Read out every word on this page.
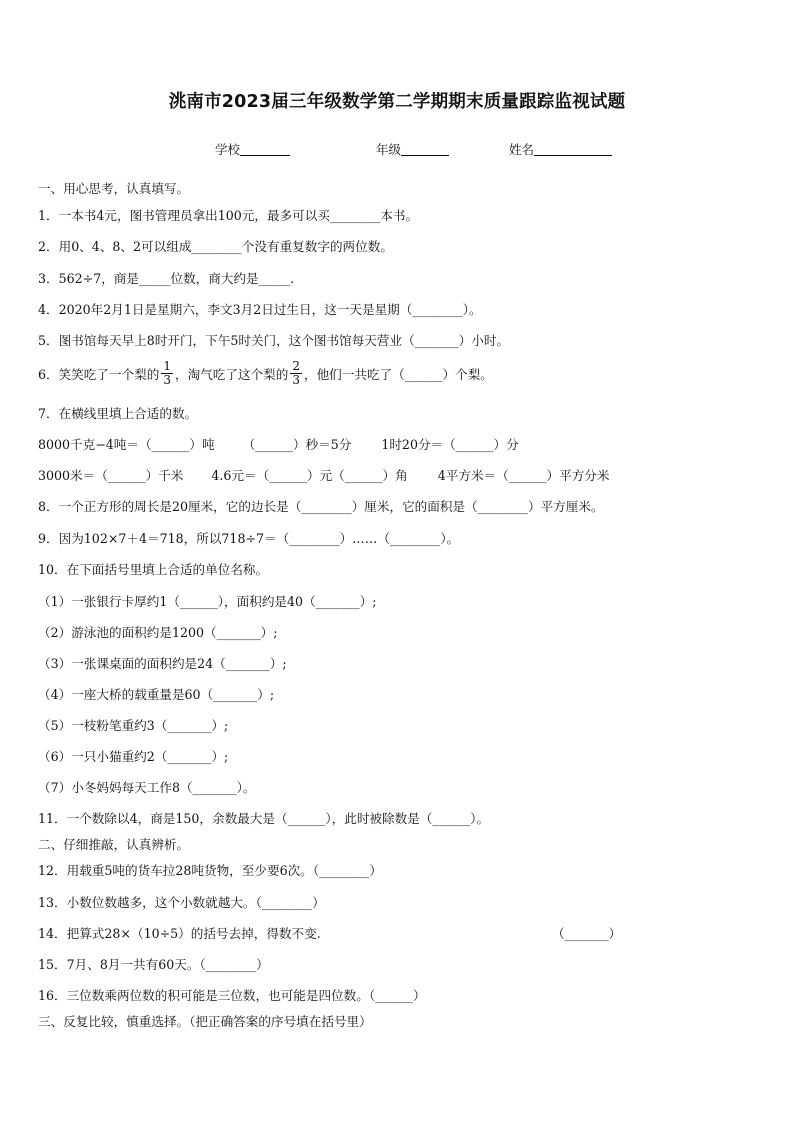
洮南市2023届三年级数学第二学期期末质量跟踪监视试题
学校	年级	姓名
一、用心思考，认真填写。
1．一本书4元，图书管理员拿出100元，最多可以买________本书。
2．用0、4、8、2可以组成________个没有重复数字的两位数。
3．562÷7，商是_____位数，商大约是_____.
4．2020年2月1日是星期六，李文3月2日过生日，这一天是星期（________）。
5．图书馆每天早上8时开门，下午5时关门，这个图书馆每天营业（_______）小时。
6．笑笑吃了一个梨的 $\frac{1}{3}$ ，淘气吃了这个梨的 $\frac{2}{3}$ ，他们一共吃了（______）个梨。
7．在横线里填上合适的数。
8000千克−4吨＝（______）吨 （______）秒＝5分 1时20分＝（______）分
3000米＝（______）千米 4.6元＝（______）元（______）角 4平方米＝（______）平方分米
8．一个正方形的周长是20厘米，它的边长是（________）厘米，它的面积是（________）平方厘米。
9．因为102×7＋4＝718，所以718÷7＝（________）……（________）。
10．在下面括号里填上合适的单位名称。
（1）一张银行卡厚约1（______），面积约是40（_______）;
（2）游泳池的面积约是1200（_______）;
（3）一张课桌面的面积约是24（_______）;
（4）一座大桥的载重量是60（_______）;
（5）一枝粉笔重约3（_______）;
（6）一只小猫重约2（_______）;
（7）小冬妈妈每天工作8（_______）。
11．一个数除以4，商是150，余数最大是（______），此时被除数是（______）。
二、仔细推敲，认真辨析。
12．用载重5吨的货车拉28吨货物，至少要6次。（________）
13．小数位数越多，这个小数就越大。（________）
14．把算式28×（10÷5）的括号去掉，得数不变.	（_______）
15．7月、8月一共有60天。（________）
16．三位数乘两位数的积可能是三位数，也可能是四位数。（______）
三、反复比较，慎重选择。（把正确答案的序号填在括号里）
